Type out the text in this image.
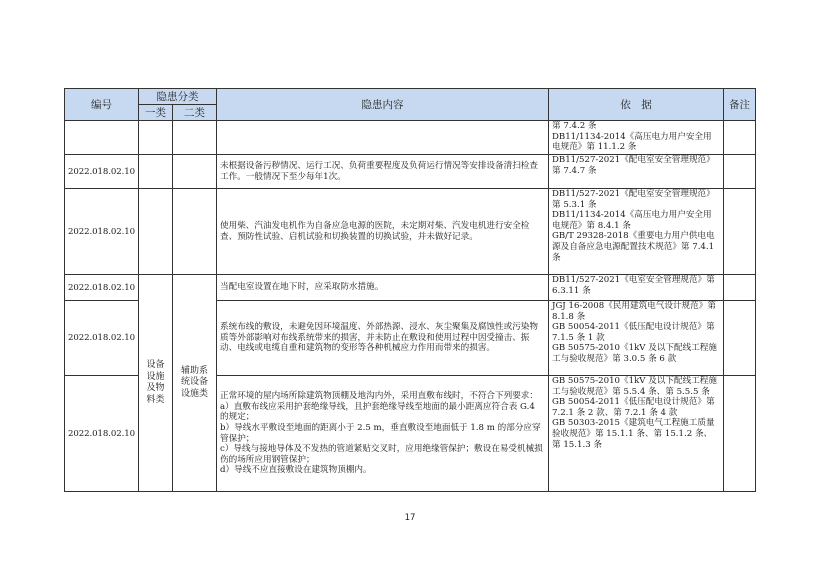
编号	隐患分类		隐患内容	依　据	备注
	一类	二类			

				第 7.4.2 条
DB11/1134-2014《高压电力用户安全用电规范》第 11.1.2 条	

2022.018.02.10			未根据设备污秽情况、运行工况、负荷重要程度及负荷运行情况等安排设备清扫检查工作。一般情况下至少每年1次。	DB11/527-2021《配电室安全管理规范》第 7.4.7 条	

2022.018.02.10			使用柴、汽油发电机作为自备应急电源的医院，未定期对柴、汽发电机进行安全检查、预防性试验、启机试验和切换装置的切换试验，并未做好记录。	DB11/527-2021《配电室安全管理规范》第 5.3.1 条
DB11/1134-2014《高压电力用户安全用电规范》第 8.4.1 条
GB/T 29328-2018《重要电力用户供电电源及自备应急电源配置技术规范》第 7.4.1 条	

2022.018.02.10	设备
设施
及物
料类	辅助系
统设备
设施类	当配电室设置在地下时，应采取防水措施。	DB11/527-2021《电室安全管理规范》第 6.3.11 条	

2022.018.02.10			系统布线的敷设，未避免因环境温度、外部热源、浸水、灰尘聚集及腐蚀性或污染物质等外部影响对布线系统带来的损害，并未防止在敷设和使用过程中因受撞击、振动、电线或电缆自重和建筑物的变形等各种机械应力作用而带来的损害。	JGJ 16-2008《民用建筑电气设计规范》第 8.1.8 条
GB 50054-2011《低压配电设计规范》第 7.1.5 条 1 款
GB 50575-2010《1kV 及以下配线工程施工与验收规范》第 3.0.5 条 6 款	

2022.018.02.10			正常环境的屋内场所除建筑物顶棚及地沟内外，采用直敷布线时，不符合下列要求：
a）直敷布线应采用护套绝缘导线，且护套绝缘导线至地面的最小距离应符合表 G.4 的规定；
b）导线水平敷设至地面的距离小于 2.5 m，垂直敷设至地面低于 1.8 m 的部分应穿管保护；
c）导线与接地导体及不发热的管道紧贴交叉时，应用绝缘管保护；敷设在易受机械损伤的场所应用钢管保护；
d）导线不应直接敷设在建筑物顶棚内。	GB 50575-2010《1kV 及以下配线工程施工与验收规范》第 5.5.4 条、第 5.5.5 条
GB 50054-2011《低压配电设计规范》第 7.2.1 条 2 款、第 7.2.1 条 4 款
GB 50303-2015《建筑电气工程施工质量验收规范》第 15.1.1 条、第 15.1.2 条、第 15.1.3 条	

17
